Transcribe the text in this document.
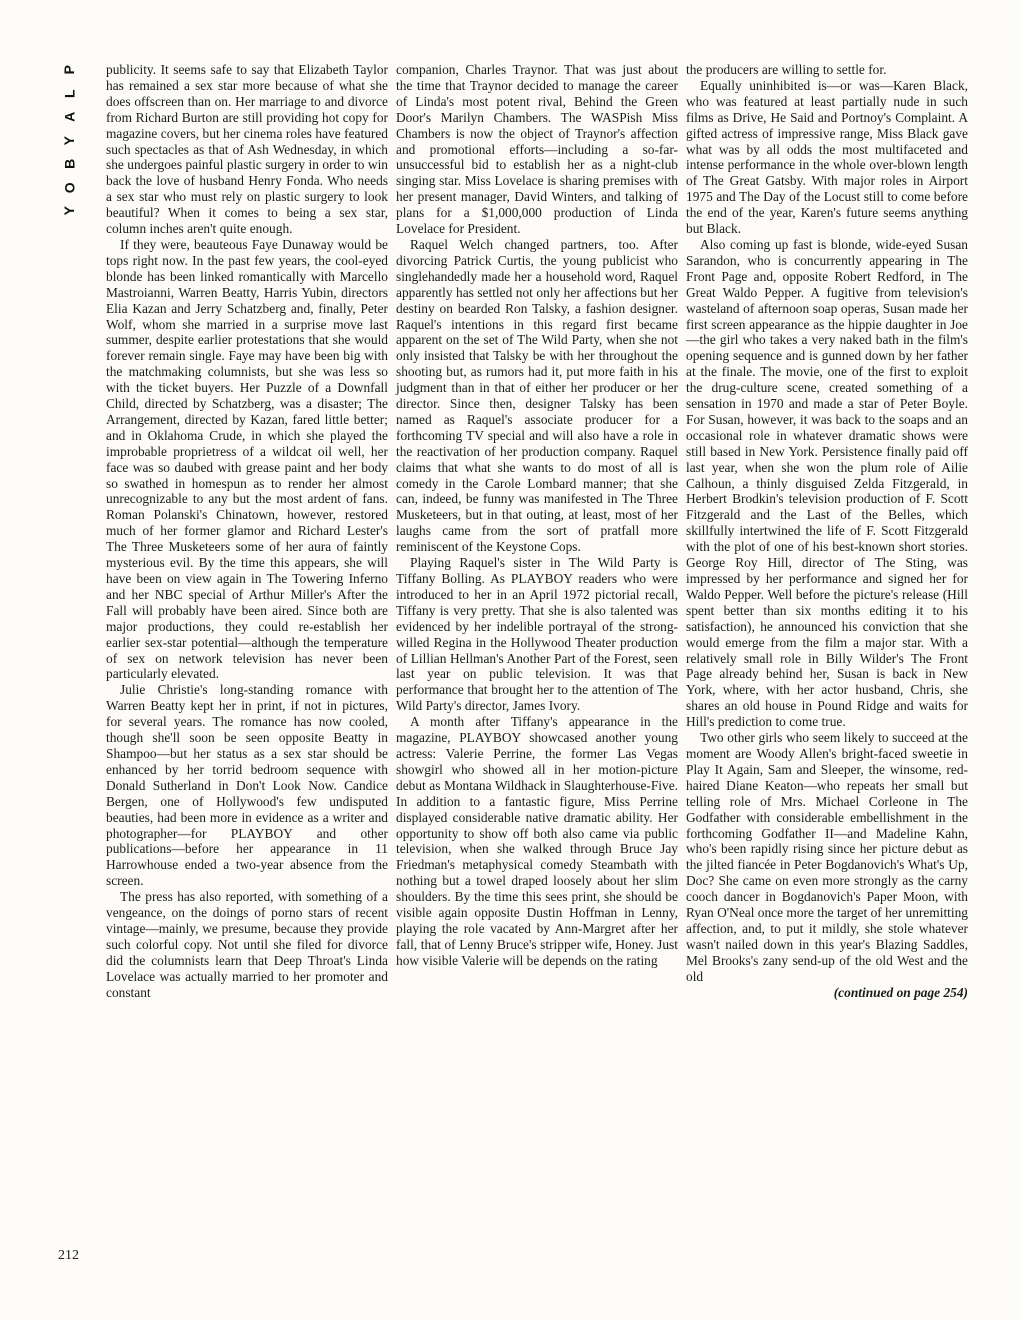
P
L
A
Y
B
O
Y

publicity. It seems safe to say that Elizabeth Taylor has remained a sex star more because of what she does offscreen than on. Her marriage to and divorce from Richard Burton are still providing hot copy for magazine covers, but her cinema roles have featured such spectacles as that of Ash Wednesday, in which she undergoes painful plastic surgery in order to win back the love of husband Henry Fonda. Who needs a sex star who must rely on plastic surgery to look beautiful? When it comes to being a sex star, column inches aren't quite enough.

If they were, beauteous Faye Dunaway would be tops right now. In the past few years, the cool-eyed blonde has been linked romantically with Marcello Mastroianni, Warren Beatty, Harris Yubin, directors Elia Kazan and Jerry Schatzberg and, finally, Peter Wolf, whom she married in a surprise move last summer, despite earlier protestations that she would forever remain single. Faye may have been big with the matchmaking columnists, but she was less so with the ticket buyers. Her Puzzle of a Downfall Child, directed by Schatzberg, was a disaster; The Arrangement, directed by Kazan, fared little better; and in Oklahoma Crude, in which she played the improbable proprietress of a wildcat oil well, her face was so daubed with grease paint and her body so swathed in homespun as to render her almost unrecognizable to any but the most ardent of fans. Roman Polanski's Chinatown, however, restored much of her former glamor and Richard Lester's The Three Musketeers some of her aura of faintly mysterious evil. By the time this appears, she will have been on view again in The Towering Inferno and her NBC special of Arthur Miller's After the Fall will probably have been aired. Since both are major productions, they could re-establish her earlier sex-star potential—although the temperature of sex on network television has never been particularly elevated.

Julie Christie's long-standing romance with Warren Beatty kept her in print, if not in pictures, for several years. The romance has now cooled, though she'll soon be seen opposite Beatty in Shampoo—but her status as a sex star should be enhanced by her torrid bedroom sequence with Donald Sutherland in Don't Look Now. Candice Bergen, one of Hollywood's few undisputed beauties, had been more in evidence as a writer and photographer—for PLAYBOY and other publications—before her appearance in 11 Harrowhouse ended a two-year absence from the screen.

The press has also reported, with something of a vengeance, on the doings of porno stars of recent vintage—mainly, we presume, because they provide such colorful copy. Not until she filed for divorce did the columnists learn that Deep Throat's Linda Lovelace was actually married to her promoter and constant

companion, Charles Traynor. That was just about the time that Traynor decided to manage the career of Linda's most potent rival, Behind the Green Door's Marilyn Chambers. The WASPish Miss Chambers is now the object of Traynor's affection and promotional efforts—including a so-far-unsuccessful bid to establish her as a night-club singing star. Miss Lovelace is sharing premises with her present manager, David Winters, and talking of plans for a $1,000,000 production of Linda Lovelace for President.

Raquel Welch changed partners, too. After divorcing Patrick Curtis, the young publicist who singlehandedly made her a household word, Raquel apparently has settled not only her affections but her destiny on bearded Ron Talsky, a fashion designer. Raquel's intentions in this regard first became apparent on the set of The Wild Party, when she not only insisted that Talsky be with her throughout the shooting but, as rumors had it, put more faith in his judgment than in that of either her producer or her director. Since then, designer Talsky has been named as Raquel's associate producer for a forthcoming TV special and will also have a role in the reactivation of her production company. Raquel claims that what she wants to do most of all is comedy in the Carole Lombard manner; that she can, indeed, be funny was manifested in The Three Musketeers, but in that outing, at least, most of her laughs came from the sort of pratfall more reminiscent of the Keystone Cops.

Playing Raquel's sister in The Wild Party is Tiffany Bolling. As PLAYBOY readers who were introduced to her in an April 1972 pictorial recall, Tiffany is very pretty. That she is also talented was evidenced by her indelible portrayal of the strong-willed Regina in the Hollywood Theater production of Lillian Hellman's Another Part of the Forest, seen last year on public television. It was that performance that brought her to the attention of The Wild Party's director, James Ivory.

A month after Tiffany's appearance in the magazine, PLAYBOY showcased another young actress: Valerie Perrine, the former Las Vegas showgirl who showed all in her motion-picture debut as Montana Wildhack in Slaughterhouse-Five. In addition to a fantastic figure, Miss Perrine displayed considerable native dramatic ability. Her opportunity to show off both also came via public television, when she walked through Bruce Jay Friedman's metaphysical comedy Steambath with nothing but a towel draped loosely about her slim shoulders. By the time this sees print, she should be visible again opposite Dustin Hoffman in Lenny, playing the role vacated by Ann-Margret after her fall, that of Lenny Bruce's stripper wife, Honey. Just how visible Valerie will be depends on the rating

the producers are willing to settle for.

Equally uninhibited is—or was—Karen Black, who was featured at least partially nude in such films as Drive, He Said and Portnoy's Complaint. A gifted actress of impressive range, Miss Black gave what was by all odds the most multifaceted and intense performance in the whole over-blown length of The Great Gatsby. With major roles in Airport 1975 and The Day of the Locust still to come before the end of the year, Karen's future seems anything but Black.

Also coming up fast is blonde, wide-eyed Susan Sarandon, who is concurrently appearing in The Front Page and, opposite Robert Redford, in The Great Waldo Pepper. A fugitive from television's wasteland of afternoon soap operas, Susan made her first screen appearance as the hippie daughter in Joe—the girl who takes a very naked bath in the film's opening sequence and is gunned down by her father at the finale. The movie, one of the first to exploit the drug-culture scene, created something of a sensation in 1970 and made a star of Peter Boyle. For Susan, however, it was back to the soaps and an occasional role in whatever dramatic shows were still based in New York. Persistence finally paid off last year, when she won the plum role of Ailie Calhoun, a thinly disguised Zelda Fitzgerald, in Herbert Brodkin's television production of F. Scott Fitzgerald and the Last of the Belles, which skillfully intertwined the life of F. Scott Fitzgerald with the plot of one of his best-known short stories. George Roy Hill, director of The Sting, was impressed by her performance and signed her for Waldo Pepper. Well before the picture's release (Hill spent better than six months editing it to his satisfaction), he announced his conviction that she would emerge from the film a major star. With a relatively small role in Billy Wilder's The Front Page already behind her, Susan is back in New York, where, with her actor husband, Chris, she shares an old house in Pound Ridge and waits for Hill's prediction to come true.

Two other girls who seem likely to succeed at the moment are Woody Allen's bright-faced sweetie in Play It Again, Sam and Sleeper, the winsome, red-haired Diane Keaton—who repeats her small but telling role of Mrs. Michael Corleone in The Godfather with considerable embellishment in the forthcoming Godfather II—and Madeline Kahn, who's been rapidly rising since her picture debut as the jilted fiancée in Peter Bogdanovich's What's Up, Doc? She came on even more strongly as the carny cooch dancer in Bogdanovich's Paper Moon, with Ryan O'Neal once more the target of her unremitting affection, and, to put it mildly, she stole whatever wasn't nailed down in this year's Blazing Saddles, Mel Brooks's zany send-up of the old West and the old

(continued on page 254)

212
